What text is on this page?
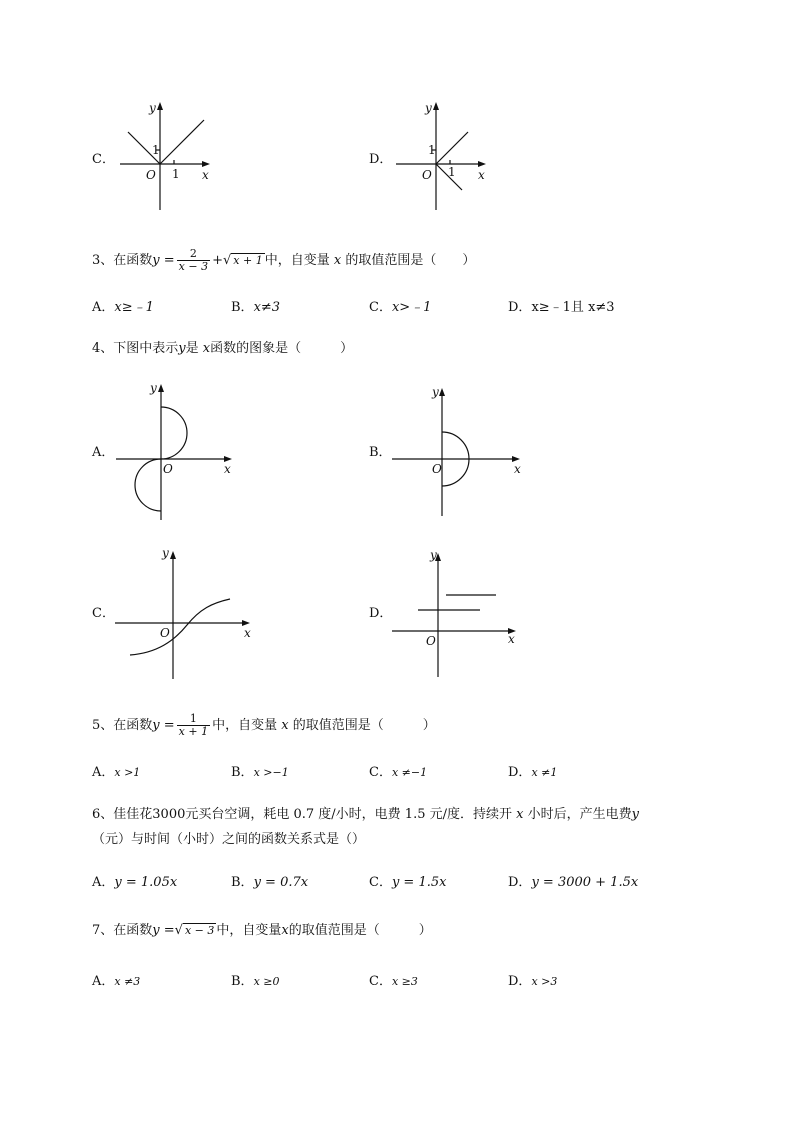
C．
y
x
O
1
1
D．
y
x
O
1
1
3、在函数$y = \frac{2}{x - 3}$ +√ x + 1 中，自变量 x 的取值范围是（　　）
A．x≥﹣1	B．x≠3	C．x>﹣1	D．x≥﹣1且 x≠3
4、下图中表示y是 x函数的图象是（　　　）
A．
y
x
O
B．
y
x
O
C．
y
x
O
D．
y
x
O
5、在函数$y = \frac{1}{x + 1}$ 中，自变量 x 的取值范围是（　　　）
A．x >1	B．x >−1	C．x ≠−1	D．x ≠1
6、佳佳花3000元买台空调，耗电 0.7 度/小时，电费 1.5 元/度．持续开 x 小时后，产生电费y
（元）与时间（小时）之间的函数关系式是（）
A．y = 1.05x	B．y = 0.7x	C．y = 1.5x	D．y = 3000 + 1.5x
7、在函数y =√ x − 3 中，自变量x的取值范围是（　　　）
A．x ≠3	B．x ≥0	C．x ≥3	D．x >3
